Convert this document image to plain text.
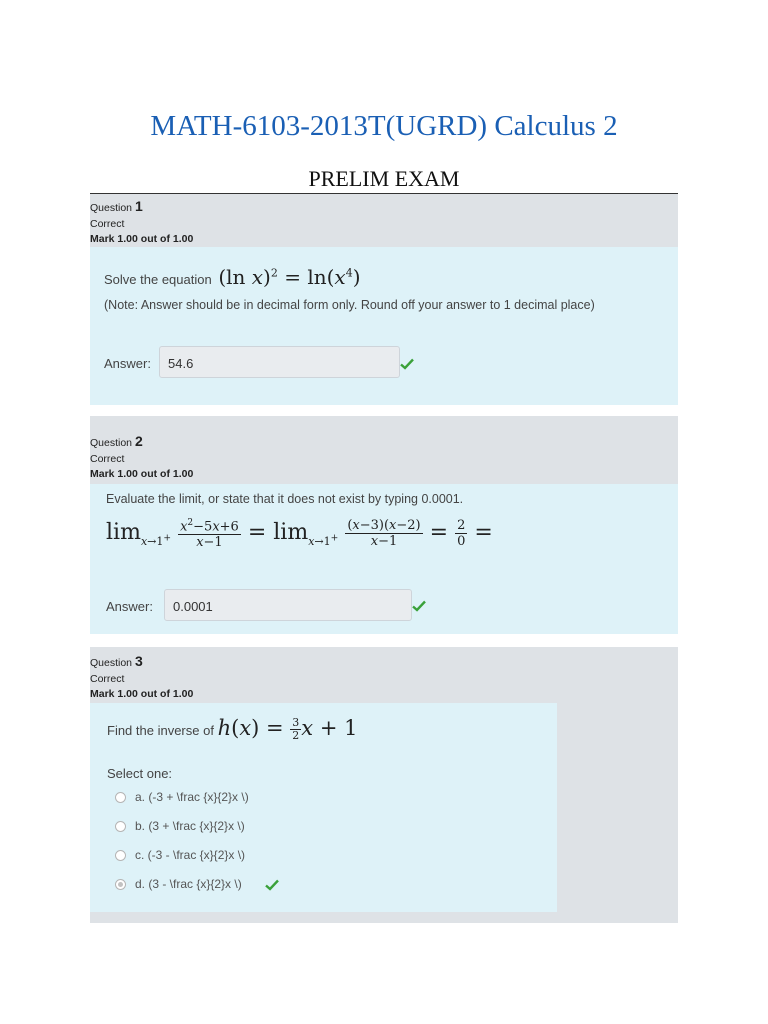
MATH-6103-2013T(UGRD) Calculus 2
PRELIM EXAM
Question 1
Correct
Mark 1.00 out of 1.00
Solve the equation (ln $x)^2 = \ln(x^4)$
(Note: Answer should be in decimal form only. Round off your answer to 1 decimal place)
Answer:	54.6
Question 2
Correct
Mark 1.00 out of 1.00
Evaluate the limit, or state that it does not exist by typing 0.0001.
$\lim_{x\to 1^+} \frac{x^2-5x+6}{x-1} = \lim_{x\to 1^+} \frac{(x-3)(x-2)}{x-1} = \frac{2}{0}$ =
Answer:	0.0001
Question 3
Correct
Mark 1.00 out of 1.00
Find the inverse of $h(x) = \frac{3}{2}$ x + 1
Select one:
a. (-3 + \frac {x}{2}x \)
b. (3 + \frac {x}{2}x \)
c. (-3 - \frac {x}{2}x \)
d. (3 - \frac {x}{2}x \)
